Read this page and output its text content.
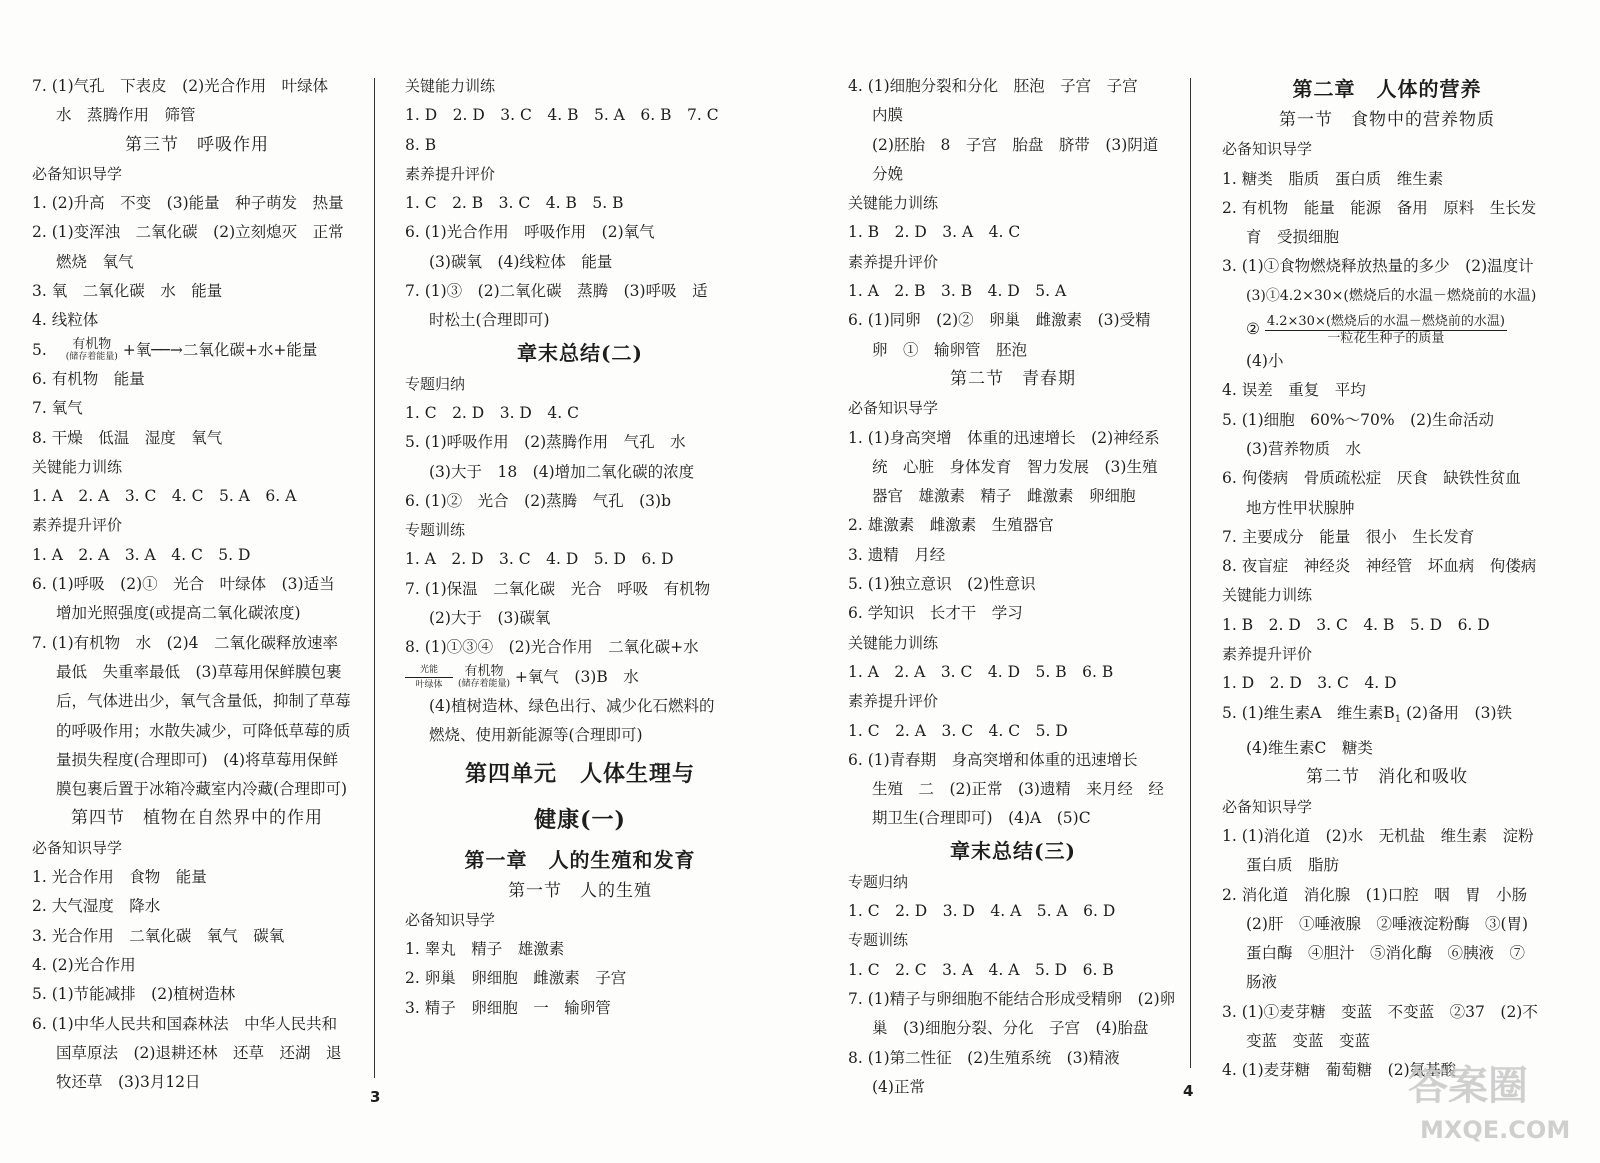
7. (1)气孔　下表皮　(2)光合作用　叶绿体
水　蒸腾作用　筛管
第三节　呼吸作用
必备知识导学
1. (2)升高　不变　(3)能量　种子萌发　热量
2. (1)变浑浊　二氧化碳　(2)立刻熄灭　正常
燃烧　氧气
3. 氧　二氧化碳　水　能量
4. 线粒体
5.	有机物
(储存着能量) +氧──→二氧化碳+水+能量
6. 有机物　能量
7. 氧气
8. 干燥　低温　湿度　氧气
关键能力训练
1. A　2. A　3. C　4. C　5. A　6. A
素养提升评价
1. A　2. A　3. A　4. C　5. D
6. (1)呼吸　(2)①　光合　叶绿体　(3)适当
增加光照强度(或提高二氧化碳浓度)
7. (1)有机物　水　(2)4　二氧化碳释放速率
最低　失重率最低　(3)草莓用保鲜膜包裹
后，气体进出少，氧气含量低，抑制了草莓
的呼吸作用；水散失减少，可降低草莓的质
量损失程度(合理即可)　(4)将草莓用保鲜
膜包裹后置于冰箱冷藏室内冷藏(合理即可)
第四节　植物在自然界中的作用
必备知识导学
1. 光合作用　食物　能量
2. 大气湿度　降水
3. 光合作用　二氧化碳　氧气　碳氧
4. (2)光合作用
5. (1)节能减排　(2)植树造林
6. (1)中华人民共和国森林法　中华人民共和
国草原法　(2)退耕还林　还草　还湖　退
牧还草　(3)3月12日
关键能力训练
1. D　2. D　3. C　4. B　5. A　6. B　7. C
8. B
素养提升评价
1. C　2. B　3. C　4. B　5. B
6. (1)光合作用　呼吸作用　(2)氧气
(3)碳氧　(4)线粒体　能量
7. (1)③　(2)二氧化碳　蒸腾　(3)呼吸　适
时松土(合理即可)
章末总结(二)
专题归纳
1. C　2. D　3. D　4. C
5. (1)呼吸作用　(2)蒸腾作用　气孔　水
(3)大于　18　(4)增加二氧化碳的浓度
6. (1)②　光合　(2)蒸腾　气孔　(3)b
专题训练
1. A　2. D　3. C　4. D　5. D　6. D
7. (1)保温　二氧化碳　光合　呼吸　有机物
(2)大于　(3)碳氧
8. (1)①③④　(2)光合作用　二氧化碳+水
光能
叶绿体

有机物
(储存着能量) +氧气　(3)B　水
(4)植树造林、绿色出行、减少化石燃料的
燃烧、使用新能源等(合理即可)
第四单元　人体生理与
健康(一)
第一章　人的生殖和发育
第一节　人的生殖
必备知识导学
1. 睾丸　精子　雄激素
2. 卵巢　卵细胞　雌激素　子宫
3. 精子　卵细胞　一　输卵管
3	4
4. (1)细胞分裂和分化　胚泡　子宫　子宫
内膜
(2)胚胎　8　子宫　胎盘　脐带　(3)阴道
分娩
关键能力训练
1. B　2. D　3. A　4. C
素养提升评价
1. A　2. B　3. B　4. D　5. A
6. (1)同卵　(2)②　卵巢　雌激素　(3)受精
卵　①　输卵管　胚泡
第二节　青春期
必备知识导学
1. (1)身高突增　体重的迅速增长　(2)神经系
统　心脏　身体发育　智力发展　(3)生殖
器官　雄激素　精子　雌激素　卵细胞
2. 雄激素　雌激素　生殖器官
3. 遗精　月经
5. (1)独立意识　(2)性意识
6. 学知识　长才干　学习
关键能力训练
1. A　2. A　3. C　4. D　5. B　6. B
素养提升评价
1. C　2. A　3. C　4. C　5. D
6. (1)青春期　身高突增和体重的迅速增长
生殖　二　(2)正常　(3)遗精　来月经　经
期卫生(合理即可)　(4)A　(5)C
章末总结(三)
专题归纳
1. C　2. D　3. D　4. A　5. A　6. D
专题训练
1. C　2. C　3. A　4. A　5. D　6. B
7. (1)精子与卵细胞不能结合形成受精卵　(2)卵
巢　(3)细胞分裂、分化　子宫　(4)胎盘
8. (1)第二性征　(2)生殖系统　(3)精液
(4)正常
第二章　人体的营养
第一节　食物中的营养物质
必备知识导学
1. 糖类　脂质　蛋白质　维生素
2. 有机物　能量　能源　备用　原料　生长发
育　受损细胞
3. (1)①食物燃烧释放热量的多少　(2)温度计
(3)①4.2×30×(燃烧后的水温－燃烧前的水温)
② $\frac{\text{4.2×30×(燃烧后的水温－燃烧前的水温)}}{\text{一粒花生种子的质量}}$
(4)小
4. 误差　重复　平均
5. (1)细胞　60%～70%　(2)生命活动
(3)营养物质　水
6. 佝偻病　骨质疏松症　厌食　缺铁性贫血
地方性甲状腺肿
7. 主要成分　能量　很小　生长发育
8. 夜盲症　神经炎　神经管　坏血病　佝偻病
关键能力训练
1. B　2. D　3. C　4. B　5. D　6. D
素养提升评价
1. D　2. D　3. C　4. D
5. (1)维生素A　维生素$B_1$ (2)备用　(3)铁
(4)维生素C　糖类
第二节　消化和吸收
必备知识导学
1. (1)消化道　(2)水　无机盐　维生素　淀粉
蛋白质　脂肪
2. 消化道　消化腺　(1)口腔　咽　胃　小肠
(2)肝　①唾液腺　②唾液淀粉酶　③(胃)
蛋白酶　④胆汁　⑤消化酶　⑥胰液　⑦
肠液
3. (1)①麦芽糖　变蓝　不变蓝　②37　(2)不
变蓝　变蓝　变蓝
4. (1)麦芽糖　葡萄糖　(2)氨基酸
答案圈
MXQE.COM
